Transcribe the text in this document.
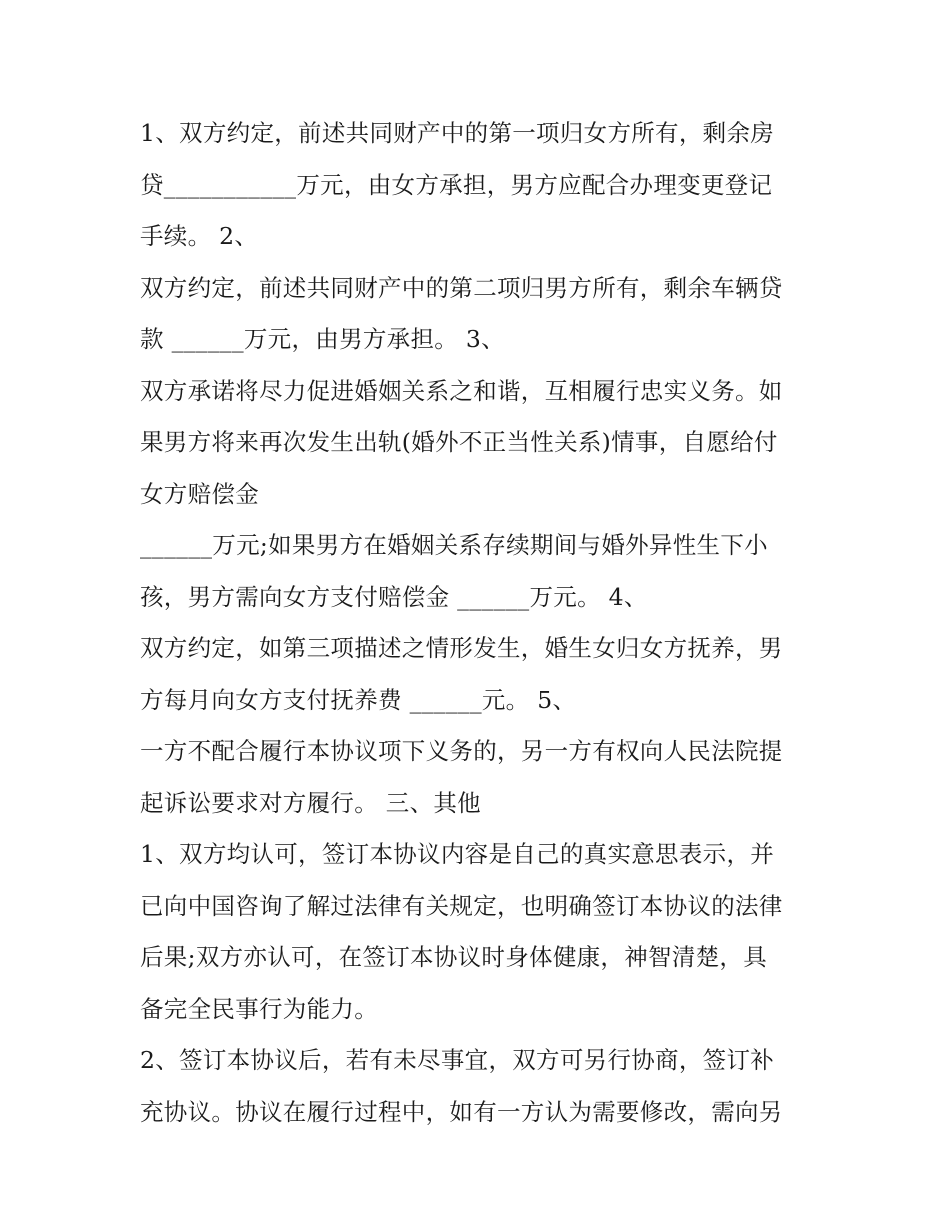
1、双方约定，前述共同财产中的第一项归女方所有，剩余房
贷___________万元，由女方承担，男方应配合办理变更登记
手续。 2、
双方约定，前述共同财产中的第二项归男方所有，剩余车辆贷
款 ______万元，由男方承担。 3、
双方承诺将尽力促进婚姻关系之和谐，互相履行忠实义务。如
果男方将来再次发生出轨(婚外不正当性关系)情事，自愿给付
女方赔偿金
______万元;如果男方在婚姻关系存续期间与婚外异性生下小
孩，男方需向女方支付赔偿金 ______万元。 4、
双方约定，如第三项描述之情形发生，婚生女归女方抚养，男
方每月向女方支付抚养费 ______元。 5、
一方不配合履行本协议项下义务的，另一方有权向人民法院提
起诉讼要求对方履行。 三、其他
1、双方均认可，签订本协议内容是自己的真实意思表示，并
已向中国咨询了解过法律有关规定，也明确签订本协议的法律
后果;双方亦认可，在签订本协议时身体健康，神智清楚，具
备完全民事行为能力。
2、签订本协议后，若有未尽事宜，双方可另行协商，签订补
充协议。协议在履行过程中，如有一方认为需要修改，需向另
